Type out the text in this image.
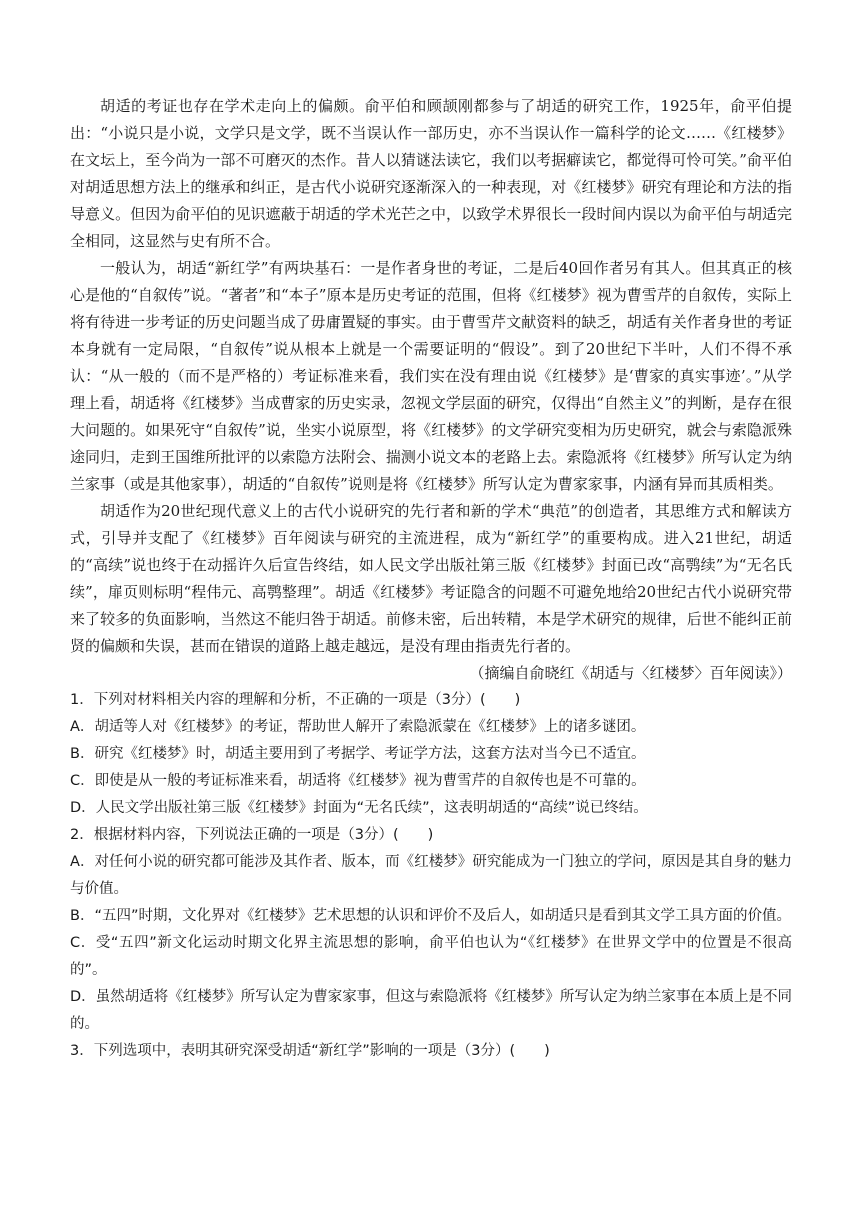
胡适的考证也存在学术走向上的偏颇。俞平伯和顾颉刚都参与了胡适的研究工作，1925年，俞平伯提出：“小说只是小说，文学只是文学，既不当误认作一部历史，亦不当误认作一篇科学的论文……《红楼梦》在文坛上，至今尚为一部不可磨灭的杰作。昔人以猜谜法读它，我们以考据癖读它，都觉得可怜可笑。”俞平伯对胡适思想方法上的继承和纠正，是古代小说研究逐渐深入的一种表现，对《红楼梦》研究有理论和方法的指导意义。但因为俞平伯的见识遮蔽于胡适的学术光芒之中，以致学术界很长一段时间内误以为俞平伯与胡适完全相同，这显然与史有所不合。

一般认为，胡适“新红学”有两块基石：一是作者身世的考证，二是后40回作者另有其人。但其真正的核心是他的“自叙传”说。“著者”和“本子”原本是历史考证的范围，但将《红楼梦》视为曹雪芹的自叙传，实际上将有待进一步考证的历史问题当成了毋庸置疑的事实。由于曹雪芹文献资料的缺乏，胡适有关作者身世的考证本身就有一定局限，“自叙传”说从根本上就是一个需要证明的“假设”。到了20世纪下半叶，人们不得不承认：“从一般的（而不是严格的）考证标准来看，我们实在没有理由说《红楼梦》是‘曹家的真实事迹’。”从学理上看，胡适将《红楼梦》当成曹家的历史实录，忽视文学层面的研究，仅得出“自然主义”的判断，是存在很大问题的。如果死守“自叙传”说，坐实小说原型，将《红楼梦》的文学研究变相为历史研究，就会与索隐派殊途同归，走到王国维所批评的以索隐方法附会、揣测小说文本的老路上去。索隐派将《红楼梦》所写认定为纳兰家事（或是其他家事），胡适的“自叙传”说则是将《红楼梦》所写认定为曹家家事，内涵有异而其质相类。

胡适作为20世纪现代意义上的古代小说研究的先行者和新的学术“典范”的创造者，其思维方式和解读方式，引导并支配了《红楼梦》百年阅读与研究的主流进程，成为“新红学”的重要构成。进入21世纪，胡适的“高续”说也终于在动摇许久后宣告终结，如人民文学出版社第三版《红楼梦》封面已改“高鹗续”为“无名氏续”，扉页则标明“程伟元、高鹗整理”。胡适《红楼梦》考证隐含的问题不可避免地给20世纪古代小说研究带来了较多的负面影响，当然这不能归咎于胡适。前修未密，后出转精，本是学术研究的规律，后世不能纠正前贤的偏颇和失误，甚而在错误的道路上越走越远，是没有理由指责先行者的。

（摘编自俞晓红《胡适与〈红楼梦〉百年阅读》）

1．下列对材料相关内容的理解和分析，不正确的一项是（3分）(　　)

A．胡适等人对《红楼梦》的考证，帮助世人解开了索隐派蒙在《红楼梦》上的诸多谜团。

B．研究《红楼梦》时，胡适主要用到了考据学、考证学方法，这套方法对当今已不适宜。

C．即使是从一般的考证标准来看，胡适将《红楼梦》视为曹雪芹的自叙传也是不可靠的。

D．人民文学出版社第三版《红楼梦》封面为“无名氏续”，这表明胡适的“高续”说已终结。

2．根据材料内容，下列说法正确的一项是（3分）(　　)

A．对任何小说的研究都可能涉及其作者、版本，而《红楼梦》研究能成为一门独立的学问，原因是其自身的魅力与价值。

B．“五四”时期，文化界对《红楼梦》艺术思想的认识和评价不及后人，如胡适只是看到其文学工具方面的价值。

C．受“五四”新文化运动时期文化界主流思想的影响，俞平伯也认为“《红楼梦》在世界文学中的位置是不很高的”。

D．虽然胡适将《红楼梦》所写认定为曹家家事，但这与索隐派将《红楼梦》所写认定为纳兰家事在本质上是不同的。

3．下列选项中，表明其研究深受胡适“新红学”影响的一项是（3分）(　　)
